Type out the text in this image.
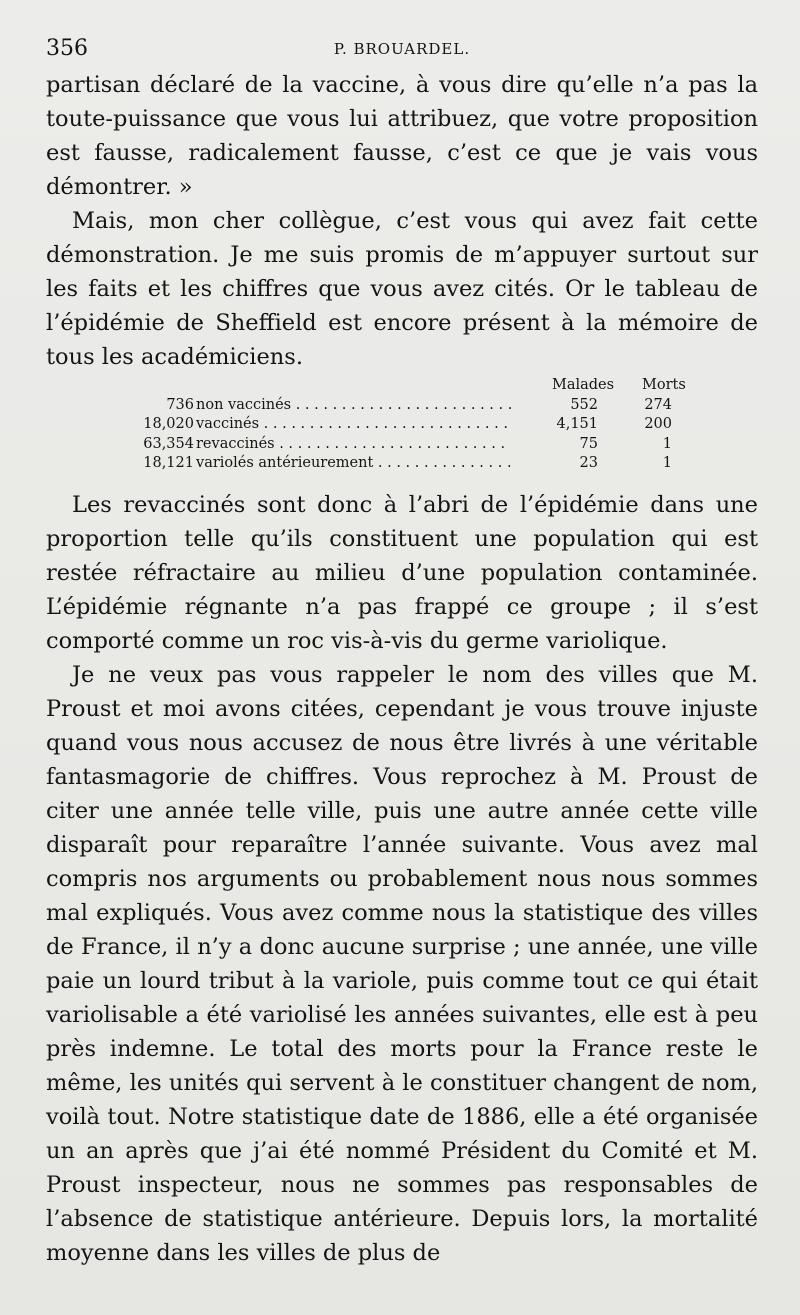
356	P. BROUARDEL.

partisan déclaré de la vaccine, à vous dire qu’elle n’a pas la toute-puissance que vous lui attribuez, que votre proposition est fausse, radicalement fausse, c’est ce que je vais vous démontrer. »

Mais, mon cher collègue, c’est vous qui avez fait cette démonstration. Je me suis promis de m’appuyer surtout sur les faits et les chiffres que vous avez cités. Or le tableau de l’épidémie de Sheffield est encore présent à la mémoire de tous les académiciens.

Malades Morts
736 non vaccinés . . .	552	274
18,020 vaccinés . . .	4,151	200
63,354 revaccinés . . .	75	1
18,121 variolés antérieurement . . .	23	1

Les revaccinés sont donc à l’abri de l’épidémie dans une proportion telle qu’ils constituent une population qui est restée réfractaire au milieu d’une population contaminée. L’épidémie régnante n’a pas frappé ce groupe ; il s’est comporté comme un roc vis-à-vis du germe variolique.

Je ne veux pas vous rappeler le nom des villes que M. Proust et moi avons citées, cependant je vous trouve injuste quand vous nous accusez de nous être livrés à une véritable fantasmagorie de chiffres. Vous reprochez à M. Proust de citer une année telle ville, puis une autre année cette ville disparaît pour reparaître l’année suivante. Vous avez mal compris nos arguments ou probablement nous nous sommes mal expliqués. Vous avez comme nous la statistique des villes de France, il n’y a donc aucune surprise ; une année, une ville paie un lourd tribut à la variole, puis comme tout ce qui était variolisable a été variolisé les années suivantes, elle est à peu près indemne. Le total des morts pour la France reste le même, les unités qui servent à le constituer changent de nom, voilà tout. Notre statistique date de 1886, elle a été organisée un an après que j’ai été nommé Président du Comité et M. Proust inspecteur, nous ne sommes pas responsables de l’absence de statistique antérieure. Depuis lors, la mortalité moyenne dans les villes de plus de
